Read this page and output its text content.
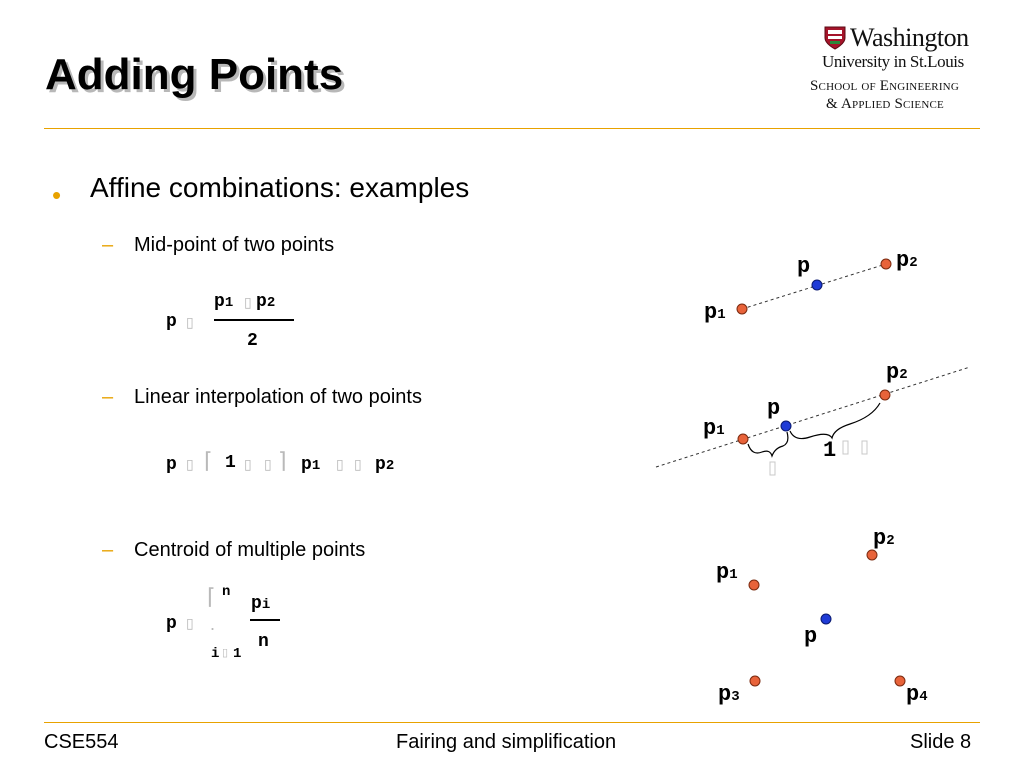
Adding Points
Washington
University in St.Louis
School of Engineering
& Applied Science
• Affine combinations: examples
– Mid-point of two points
p ▯
p1 ▯ p2
2
– Linear interpolation of two points
p ▯ ⌈ 1 ▯ ▯ ⌉ p1 ▯ ▯ p2
– Centroid of multiple points
p ▯
⌈
.
n
i ▯ 1
pi
n
p
p1
p2
p
p1
p2
1
p1
p2
p3	p4
p
CSE554	Fairing and simplification	Slide 8
